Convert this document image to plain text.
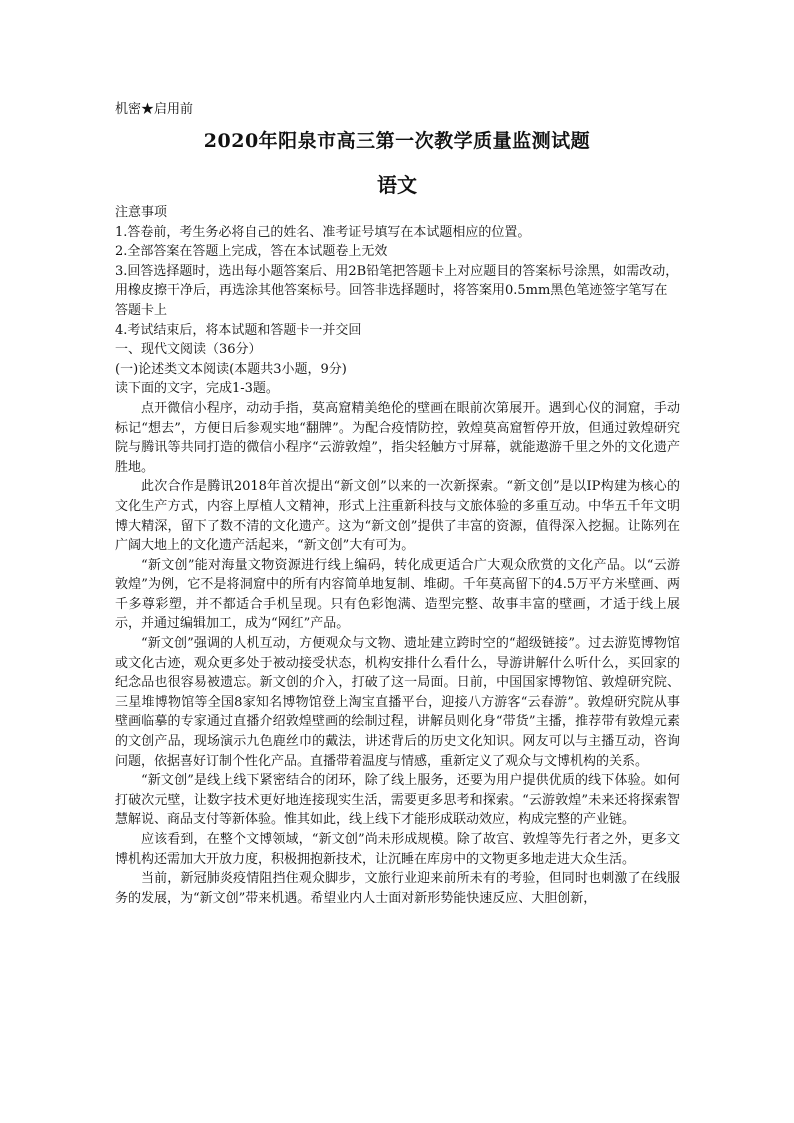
机密★启用前
2020年阳泉市高三第一次教学质量监测试题
语文
注意事项
1.答卷前，考生务必将自己的姓名、准考证号填写在本试题相应的位置。
2.全部答案在答题上完成，答在本试题卷上无效
3.回答选择题时，选出每小题答案后、用2B铅笔把答题卡上对应题目的答案标号涂黑，如需改动，用橡皮擦干净后，再选涂其他答案标号。回答非选择题时，将答案用0.5mm黑色笔迹签字笔写在答题卡上
4.考试结束后，将本试题和答题卡一并交回
一、现代文阅读（36分）
(一)论述类文本阅读(本题共3小题，9分)
读下面的文字，完成1-3题。

点开微信小程序，动动手指，莫高窟精美绝伦的壁画在眼前次第展开。遇到心仪的洞窟，手动标记“想去”，方便日后参观实地“翻牌”。为配合疫情防控，敦煌莫高窟暂停开放，但通过敦煌研究院与腾讯等共同打造的微信小程序“云游敦煌”，指尖轻触方寸屏幕，就能遨游千里之外的文化遗产胜地。

此次合作是腾讯2018年首次提出“新文创”以来的一次新探索。“新文创”是以IP构建为核心的文化生产方式，内容上厚植人文精神，形式上注重新科技与文旅体验的多重互动。中华五千年文明博大精深，留下了数不清的文化遗产。这为“新文创”提供了丰富的资源，值得深入挖掘。让陈列在广阔大地上的文化遗产活起来，“新文创”大有可为。

“新文创”能对海量文物资源进行线上编码，转化成更适合广大观众欣赏的文化产品。以“云游敦煌”为例，它不是将洞窟中的所有内容简单地复制、堆砌。千年莫高留下的4.5万平方米壁画、两千多尊彩塑，并不都适合手机呈现。只有色彩饱满、造型完整、故事丰富的壁画，才适于线上展示，并通过编辑加工，成为“网红”产品。

“新文创”强调的人机互动，方便观众与文物、遗址建立跨时空的“超级链接”。过去游览博物馆或文化古迹，观众更多处于被动接受状态，机构安排什么看什么，导游讲解什么听什么，买回家的纪念品也很容易被遗忘。新文创的介入，打破了这一局面。日前，中国国家博物馆、敦煌研究院、三星堆博物馆等全国8家知名博物馆登上淘宝直播平台，迎接八方游客“云春游”。敦煌研究院从事壁画临摹的专家通过直播介绍敦煌壁画的绘制过程，讲解员则化身“带货”主播，推荐带有敦煌元素的文创产品，现场演示九色鹿丝巾的戴法，讲述背后的历史文化知识。网友可以与主播互动，咨询问题，依据喜好订制个性化产品。直播带着温度与情感，重新定义了观众与文博机构的关系。

“新文创”是线上线下紧密结合的闭环，除了线上服务，还要为用户提供优质的线下体验。如何打破次元壁，让数字技术更好地连接现实生活，需要更多思考和探索。“云游敦煌”未来还将探索智慧解说、商品支付等新体验。惟其如此，线上线下才能形成联动效应，构成完整的产业链。

应该看到，在整个文博领域，“新文创”尚未形成规模。除了故宫、敦煌等先行者之外，更多文博机构还需加大开放力度，积极拥抱新技术，让沉睡在库房中的文物更多地走进大众生活。

当前，新冠肺炎疫情阻挡住观众脚步，文旅行业迎来前所未有的考验，但同时也刺激了在线服务的发展，为“新文创”带来机遇。希望业内人士面对新形势能快速反应、大胆创新，
